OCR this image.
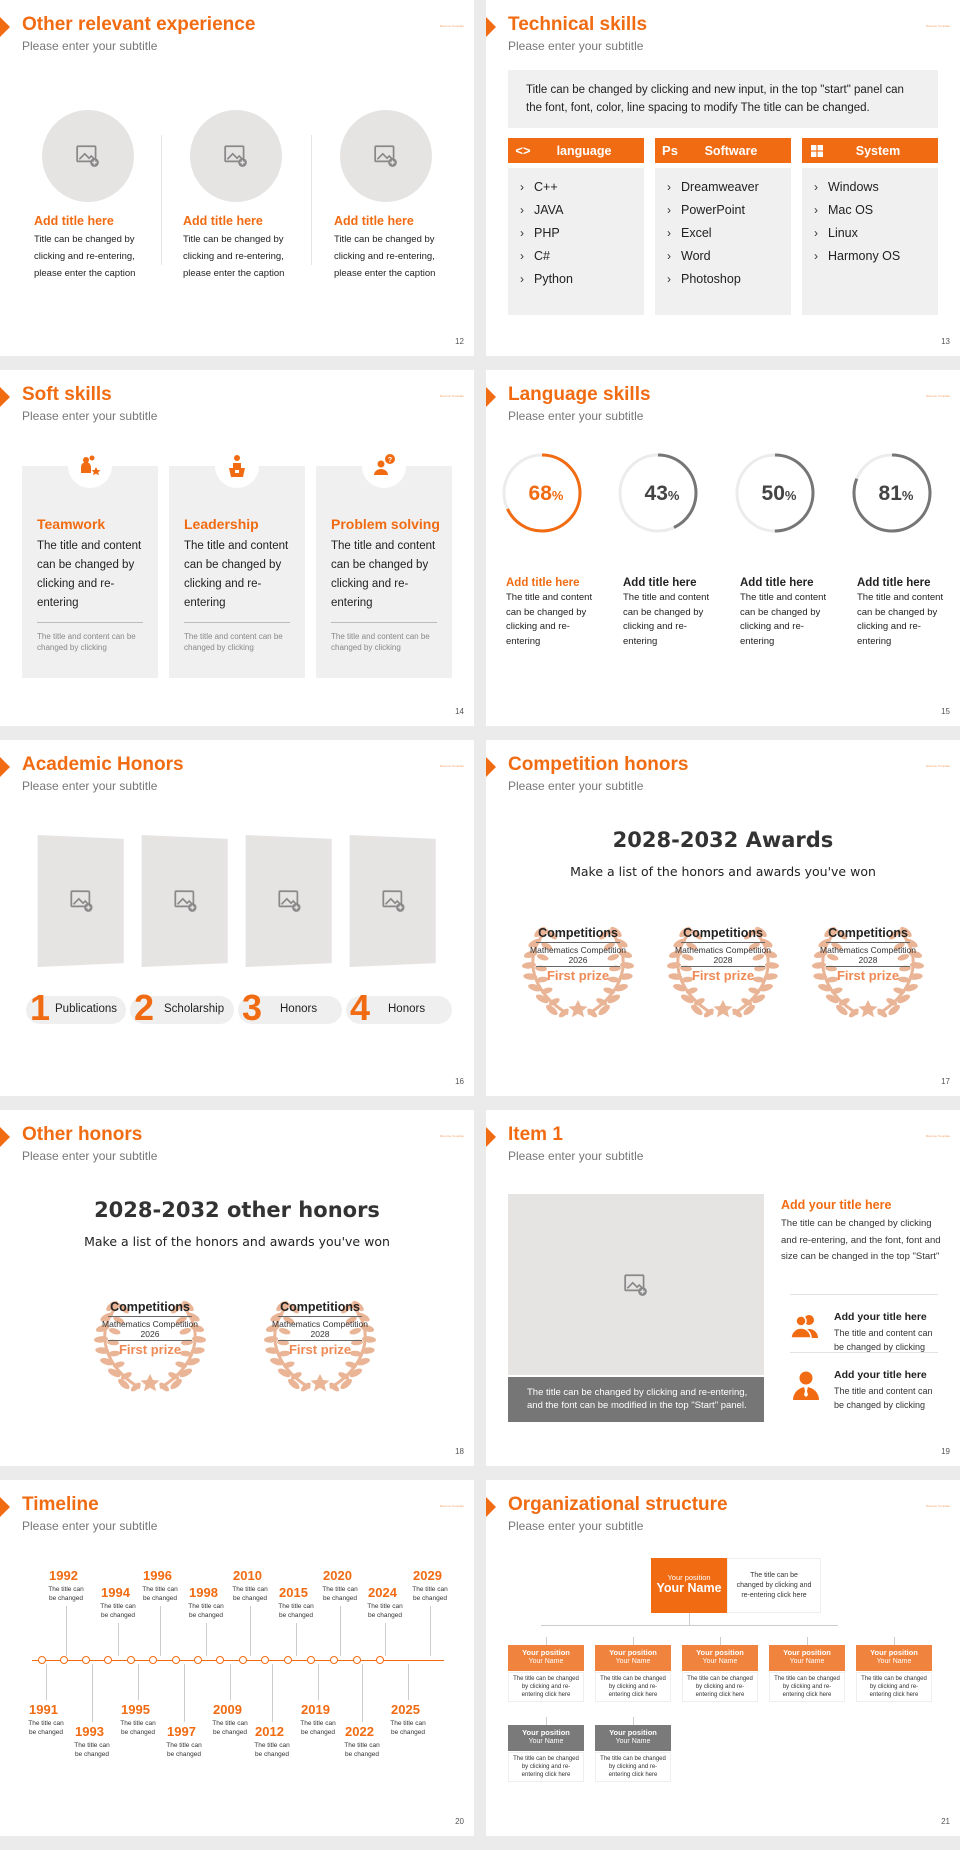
Other relevant experience
Please enter your subtitle
Resume Template
Add title here
Title can be changed by
clicking and re-entering,
please enter the caption
Add title here
Title can be changed by
clicking and re-entering,
please enter the caption
Add title here
Title can be changed by
clicking and re-entering,
please enter the caption
12
Technical skills
Please enter your subtitle
Resume Template
Title can be changed by clicking and new input, in the top "start" panel can
the font, font, color, line spacing to modify The title can be changed.
<>	language
› C++
› JAVA
› PHP
› C#
› Python
Ps	Software
› Dreamweaver
› PowerPoint
› Excel
› Word
› Photoshop
System
› Windows
› Mac OS
› Linux
› Harmony OS
13
Soft skills
Please enter your subtitle
Resume Template
Teamwork
The title and content
can be changed by
clicking and re-
entering
The title and content can be
changed by clicking
Leadership
The title and content
can be changed by
clicking and re-
entering
The title and content can be
changed by clicking
Problem solving
The title and content
can be changed by
clicking and re-
entering
The title and content can be
changed by clicking
?
14
Language skills
Please enter your subtitle
Resume Template
68%	43%	50%	81%
Add title here
The title and content
can be changed by
clicking and re-
entering
Add title here
The title and content
can be changed by
clicking and re-
entering
Add title here
The title and content
can be changed by
clicking and re-
entering
Add title here
The title and content
can be changed by
clicking and re-
entering
15
Academic Honors
Please enter your subtitle
Resume Template
1 Publications 2 Scholarship 3 Honors 4 Honors
16
Competition honors
Please enter your subtitle
Resume Template
2028-2032 Awards
Make a list of the honors and awards you've won
Competitions
Mathematics Competition
2026
First prize
Competitions
Mathematics Competition
2028
First prize
Competitions
Mathematics Competition
2028
First prize
17
Other honors
Please enter your subtitle
Resume Template
2028-2032 other honors
Make a list of the honors and awards you've won
Competitions
Mathematics Competition
2026
First prize
Competitions
Mathematics Competition
2028
First prize
18
Item 1
Please enter your subtitle
Resume Template
The title can be changed by clicking and re-entering,
and the font can be modified in the top "Start" panel.
Add your title here
The title can be changed by clicking
and re-entering, and the font, font and
size can be changed in the top "Start"
Add your title here
The title and content can
be changed by clicking
Add your title here
The title and content can
be changed by clicking
19
Timeline
Please enter your subtitle
Resume Template
20
1992
The title can
be changed	1994
The title can
be changed
1996
The title can
be changed 1998
The title can
be changed
2010
The title can
be changed 2015
The title can
be changed
2020
The title can
be changed 2024
The title can
be changed
2029
The title can
be changed
1991
The title can
be changed 1993
The title can
be changed
1995
The title can
be changed 1997
The title can
be changed
2009
The title can
be changed 2012
The title can
be changed
2019
The title can
be changed 2022
The title can
be changed
2025
The title can
be changed
Organizational structure
Please enter your subtitle
Resume Template
Your position
Your Name
The title can be
changed by clicking and
re-entering click here
21
Your position
Your Name
The title can be changed
by clicking and re-
entering click here
Your position
Your Name
The title can be changed
by clicking and re-
entering click here
Your position
Your Name
The title can be changed
by clicking and re-
entering click here
Your position
Your Name
The title can be changed
by clicking and re-
entering click here
Your position
Your Name
The title can be changed
by clicking and re-
entering click here
Your position
Your Name
The title can be changed
by clicking and re-
entering click here
Your position
Your Name
The title can be changed
by clicking and re-
entering click here
